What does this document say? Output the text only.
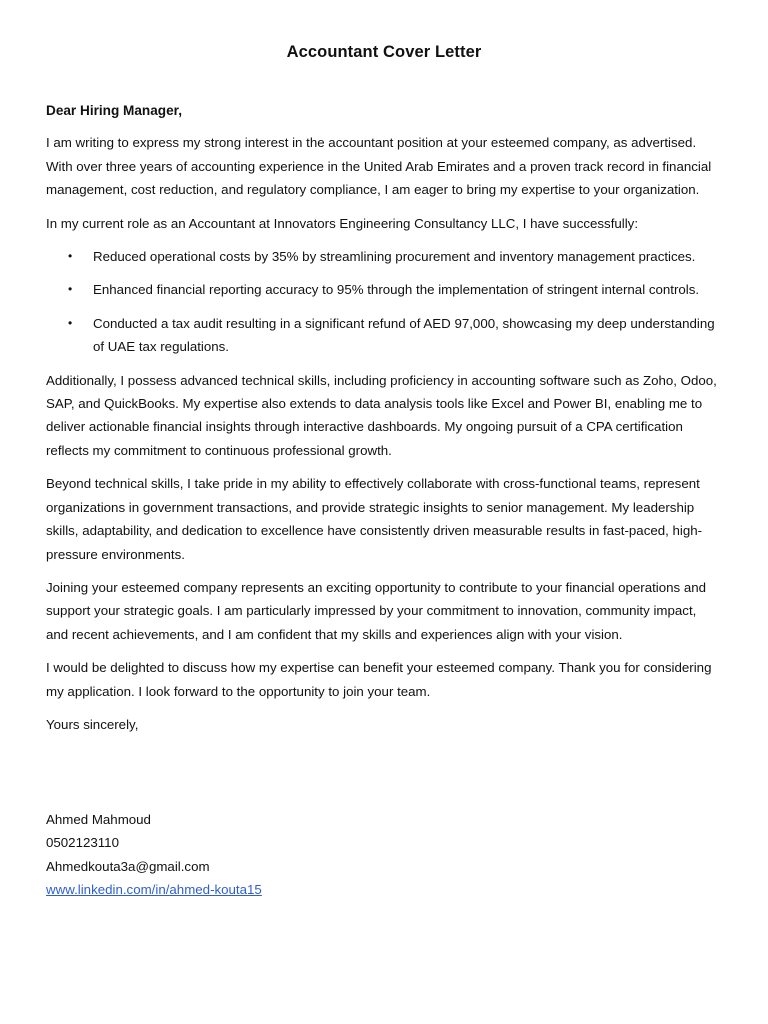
Accountant Cover Letter
Dear Hiring Manager,

I am writing to express my strong interest in the accountant position at your esteemed company, as advertised. With over three years of accounting experience in the United Arab Emirates and a proven track record in financial management, cost reduction, and regulatory compliance, I am eager to bring my expertise to your organization.

In my current role as an Accountant at Innovators Engineering Consultancy LLC, I have successfully:

• Reduced operational costs by 35% by streamlining procurement and inventory management practices.
• Enhanced financial reporting accuracy to 95% through the implementation of stringent internal controls.
• Conducted a tax audit resulting in a significant refund of AED 97,000, showcasing my deep understanding of UAE tax regulations.

Additionally, I possess advanced technical skills, including proficiency in accounting software such as Zoho, Odoo, SAP, and QuickBooks. My expertise also extends to data analysis tools like Excel and Power BI, enabling me to deliver actionable financial insights through interactive dashboards. My ongoing pursuit of a CPA certification reflects my commitment to continuous professional growth.

Beyond technical skills, I take pride in my ability to effectively collaborate with cross-functional teams, represent organizations in government transactions, and provide strategic insights to senior management. My leadership skills, adaptability, and dedication to excellence have consistently driven measurable results in fast-paced, high-pressure environments.

Joining your esteemed company represents an exciting opportunity to contribute to your financial operations and support your strategic goals. I am particularly impressed by your commitment to innovation, community impact, and recent achievements, and I am confident that my skills and experiences align with your vision.

I would be delighted to discuss how my expertise can benefit your esteemed company. Thank you for considering my application. I look forward to the opportunity to join your team.

Yours sincerely,

Ahmed Mahmoud
0502123110
Ahmedkouta3a@gmail.com
www.linkedin.com/in/ahmed-kouta15
